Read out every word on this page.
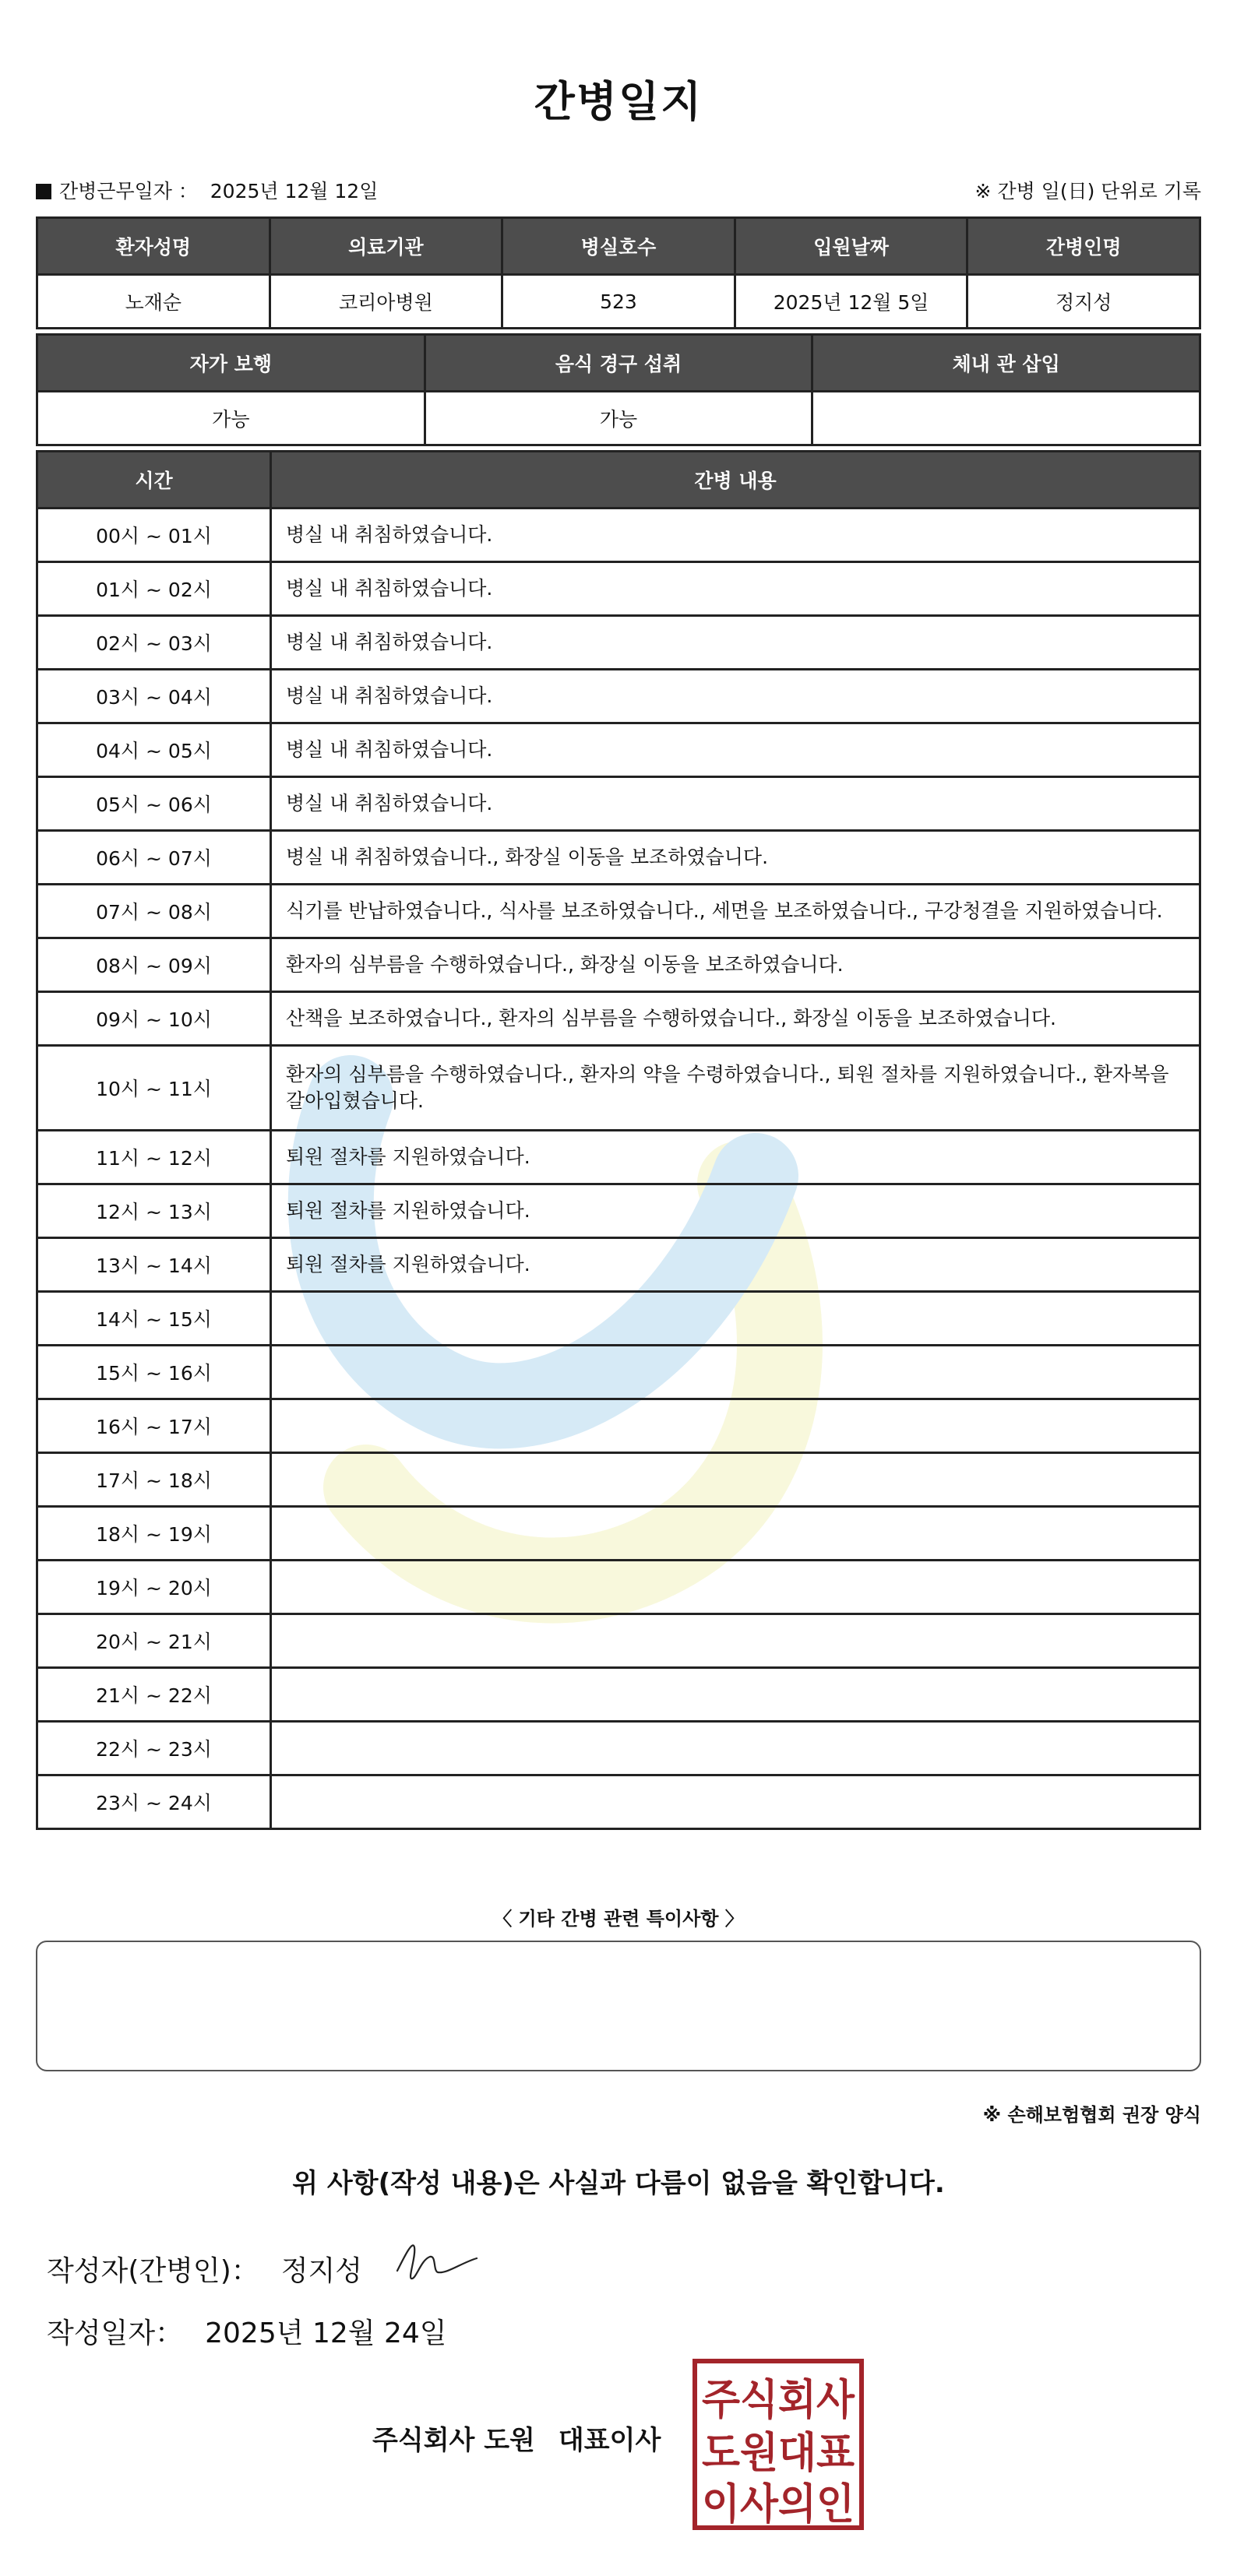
간병일지
간병근무일자 ： 2025년 12월 12일	※ 간병 일(日) 단위로 기록
환자성명	의료기관	병실호수	입원날짜	간병인명
노재순	코리아병원	523	2025년 12월 5일	정지성
자가 보행	음식 경구 섭취	체내 관 삽입
가능	가능	
시간	간병 내용
00시 ~ 01시	병실 내 취침하였습니다.
01시 ~ 02시	병실 내 취침하였습니다.
02시 ~ 03시	병실 내 취침하였습니다.
03시 ~ 04시	병실 내 취침하였습니다.
04시 ~ 05시	병실 내 취침하였습니다.
05시 ~ 06시	병실 내 취침하였습니다.
06시 ~ 07시	병실 내 취침하였습니다., 화장실 이동을 보조하였습니다.
07시 ~ 08시	식기를 반납하였습니다., 식사를 보조하였습니다., 세면을 보조하였습니다., 구강청결을 지원하였습니다.
08시 ~ 09시	환자의 심부름을 수행하였습니다., 화장실 이동을 보조하였습니다.
09시 ~ 10시	산책을 보조하였습니다., 환자의 심부름을 수행하였습니다., 화장실 이동을 보조하였습니다.
10시 ~ 11시	환자의 심부름을 수행하였습니다., 환자의 약을 수령하였습니다., 퇴원 절차를 지원하였습니다., 환자복을 갈아입혔습니다.
11시 ~ 12시	퇴원 절차를 지원하였습니다.
12시 ~ 13시	퇴원 절차를 지원하였습니다.
13시 ~ 14시	퇴원 절차를 지원하였습니다.
14시 ~ 15시	
15시 ~ 16시	
16시 ~ 17시	
17시 ~ 18시	
18시 ~ 19시	
19시 ~ 20시	
20시 ~ 21시	
21시 ~ 22시	
22시 ~ 23시	
23시 ~ 24시	
〈 기타 간병 관련 특이사항 〉
※ 손해보험협회 권장 양식
위 사항(작성 내용)은 사실과 다름이 없음을 확인합니다.
작성자(간병인)： 정지성
작성일자： 2025년 12월 24일
주식회사 도원 대표이사
주식회사
도원대표
이사의인
